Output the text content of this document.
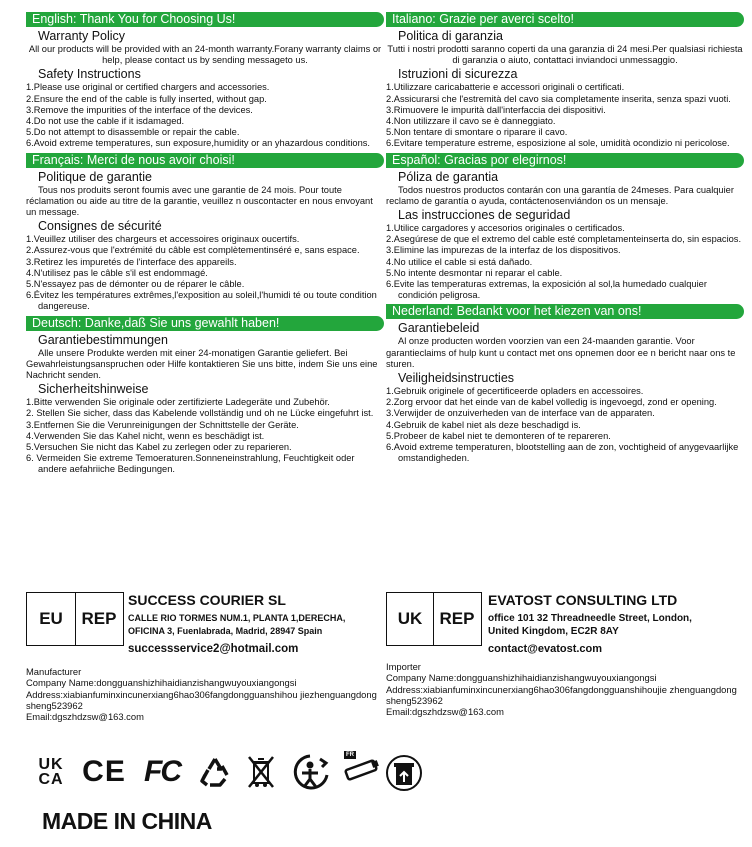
English: Thank You for Choosing Us!
Warranty Policy

All our products will be provided with an 24-month warranty.Forany warranty claims or help, please contact us by sending messageto us.

Safety Instructions
1.Please use original or certified chargers and accessories.
2.Ensure the end of the cable is fully inserted, without gap.
3.Remove the impurities of the interface of the devices.
4.Do not use the cable if it isdamaged.
5.Do not attempt to disassemble or repair the cable.
6.Avoid extreme temperatures, sun exposure,humidity or an yhazardous conditions.
Français: Merci de nous avoir choisi!
Politique de garantie

Tous nos produits seront foumis avec une garantie de 24 mois. Pour toute réclamation ou aide au titre de la garantie, veuillez n ouscontacter en nous envoyant un message.

Consignes de sécurité
1.Veuillez utiliser des chargeurs et accessoires originaux oucertifs.
2.Assurez-vous que l'extrémité du câble est complètementinséré e, sans espace.
3.Retirez les impuretés de l'interface des appareils.
4.N'utilisez pas le câble s'il est endommagé.
5.N'essayez pas de démonter ou de réparer le câble.
6.Évitez les températures extrêmes,l'exposition au soleil,l'humidi té ou toute condition dangereuse.
Deutsch: Danke,daß Sie uns gewahlt haben!
Garantiebestimmungen

Alle unsere Produkte werden mit einer 24-monatigen Garantie geliefert. Bei Gewahrleistungsanspruchen oder Hilfe kontaktieren Sie uns bitte, indem Sie uns eine Nachricht senden.

Sicherheitshinweise
1.Bitte verwenden Sie originale oder zertifizierte Ladegeräte und Zubehör.
2. Stellen Sie sicher, dass das Kabelende vollständig und oh ne Lücke eingefuhrt ist.
3.Entfernen Sie die Verunreinigungen der Schnittstelle der Geräte.
4.Verwenden Sie das Kahel nicht, wenn es beschädigt ist.
5.Versuchen Sie nicht das Kabel zu zerlegen oder zu reparieren.
6. Vermeiden Sie extreme Temoeraturen.Sonneneinstrahlung, Feuchtigkeit oder andere aefahriiche Bedingungen.
Italiano: Grazie per averci scelto!
Politica di garanzia

Tutti i nostri prodotti saranno coperti da una garanzia di 24 mesi.Per qualsiasi richiesta di garanzia o aiuto, contattaci inviandoci unmessaggio.

Istruzioni di sicurezza
1.Utilizzare caricabatterie e accessori originali o certificati.
2.Assicurarsi che l'estremità del cavo sia completamente inserita, senza spazi vuoti.
3.Rimuovere le impurità dall'interfaccia dei dispositivi.
4.Non utilizzare il cavo se è danneggiato.
5.Non tentare di smontare o riparare il cavo.
6.Evitare temperature estreme, esposizione al sole, umidità ocondizio ni pericolose.
Español: Gracias por elegirnos!
Póliza de garantia

Todos nuestros productos contarán con una garantía de 24meses. Para cualquier reclamo de garantía o ayuda, contáctenosenviándon os un mensaje.

Las instrucciones de seguridad
1.Utilice cargadores y accesorios originales o certificados.
2.Asegúrese de que el extremo del cable esté completamenteinserta do, sin espacios.
3.Elimine las impurezas de la interfaz de los dispositivos.
4.No utilice el cable si está dañado.
5.No intente desmontar ni reparar el cable.
6.Evite las temperaturas extremas, la exposición al sol,la humedado cualquier condición peligrosa.
Nederland: Bedankt voor het kiezen van ons!
Garantiebeleid

Al onze producten worden voorzien van een 24-maanden garantie. Voor garantieclaims of hulp kunt u contact met ons opnemen door ee n bericht naar ons te sturen.

Veiligheidsinstructies
1.Gebruik originele of gecertificeerde opladers en accessoires.
2.Zorg ervoor dat het einde van de kabel volledig is ingevoegd, zond er opening.
3.Verwijder de onzuiverheden van de interface van de apparaten.
4.Gebruik de kabel niet als deze beschadigd is.
5.Probeer de kabel niet te demonteren of te repareren.
6.Avoid extreme temperaturen, blootstelling aan de zon, vochtigheid of anygevaarlijke omstandigheden.
EU	REP
SUCCESS COURIER SL
CALLE RIO TORMES NUM.1, PLANTA 1,DERECHA, OFICINA 3, Fuenlabrada, Madrid, 28947 Spain
successservice2@hotmail.com
UK	REP
EVATOST CONSULTING LTD
office 101 32 Threadneedle Street, London, United Kingdom, EC2R 8AY
contact@evatost.com
Manufacturer
Company Name:dongguanshizhihaidianzishangwuyouxiangongsi
Address:xiabianfuminxincunerxiang6hao306fangdongguanshihou jiezhenguangdongsheng523962
Email:dgszhdzsw@163.com
Importer
Company Name:dongguanshizhihaidianzishangwuyouxiangongsi
Address:xiabianfuminxincunerxiang6hao306fangdongguanshihoujie zhenguangdongsheng523962
Email:dgszhdzsw@163.com
UK CA CE FC	FR
MADE IN CHINA
